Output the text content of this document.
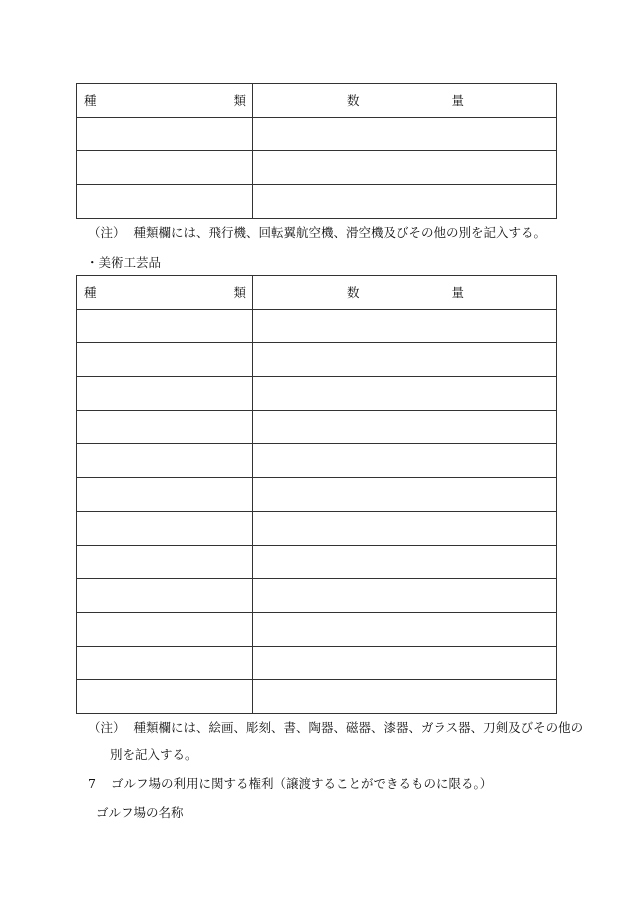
種 類	数 量

（注） 種類欄には、飛行機、回転翼航空機、滑空機及びその他の別を記入する。
・美術工芸品
種 類	数 量

（注） 種類欄には、絵画、彫刻、書、陶器、磁器、漆器、ガラス器、刀剣及びその他の
別を記入する。
7 ゴルフ場の利用に関する権利（譲渡することができるものに限る。）
ゴルフ場の名称
